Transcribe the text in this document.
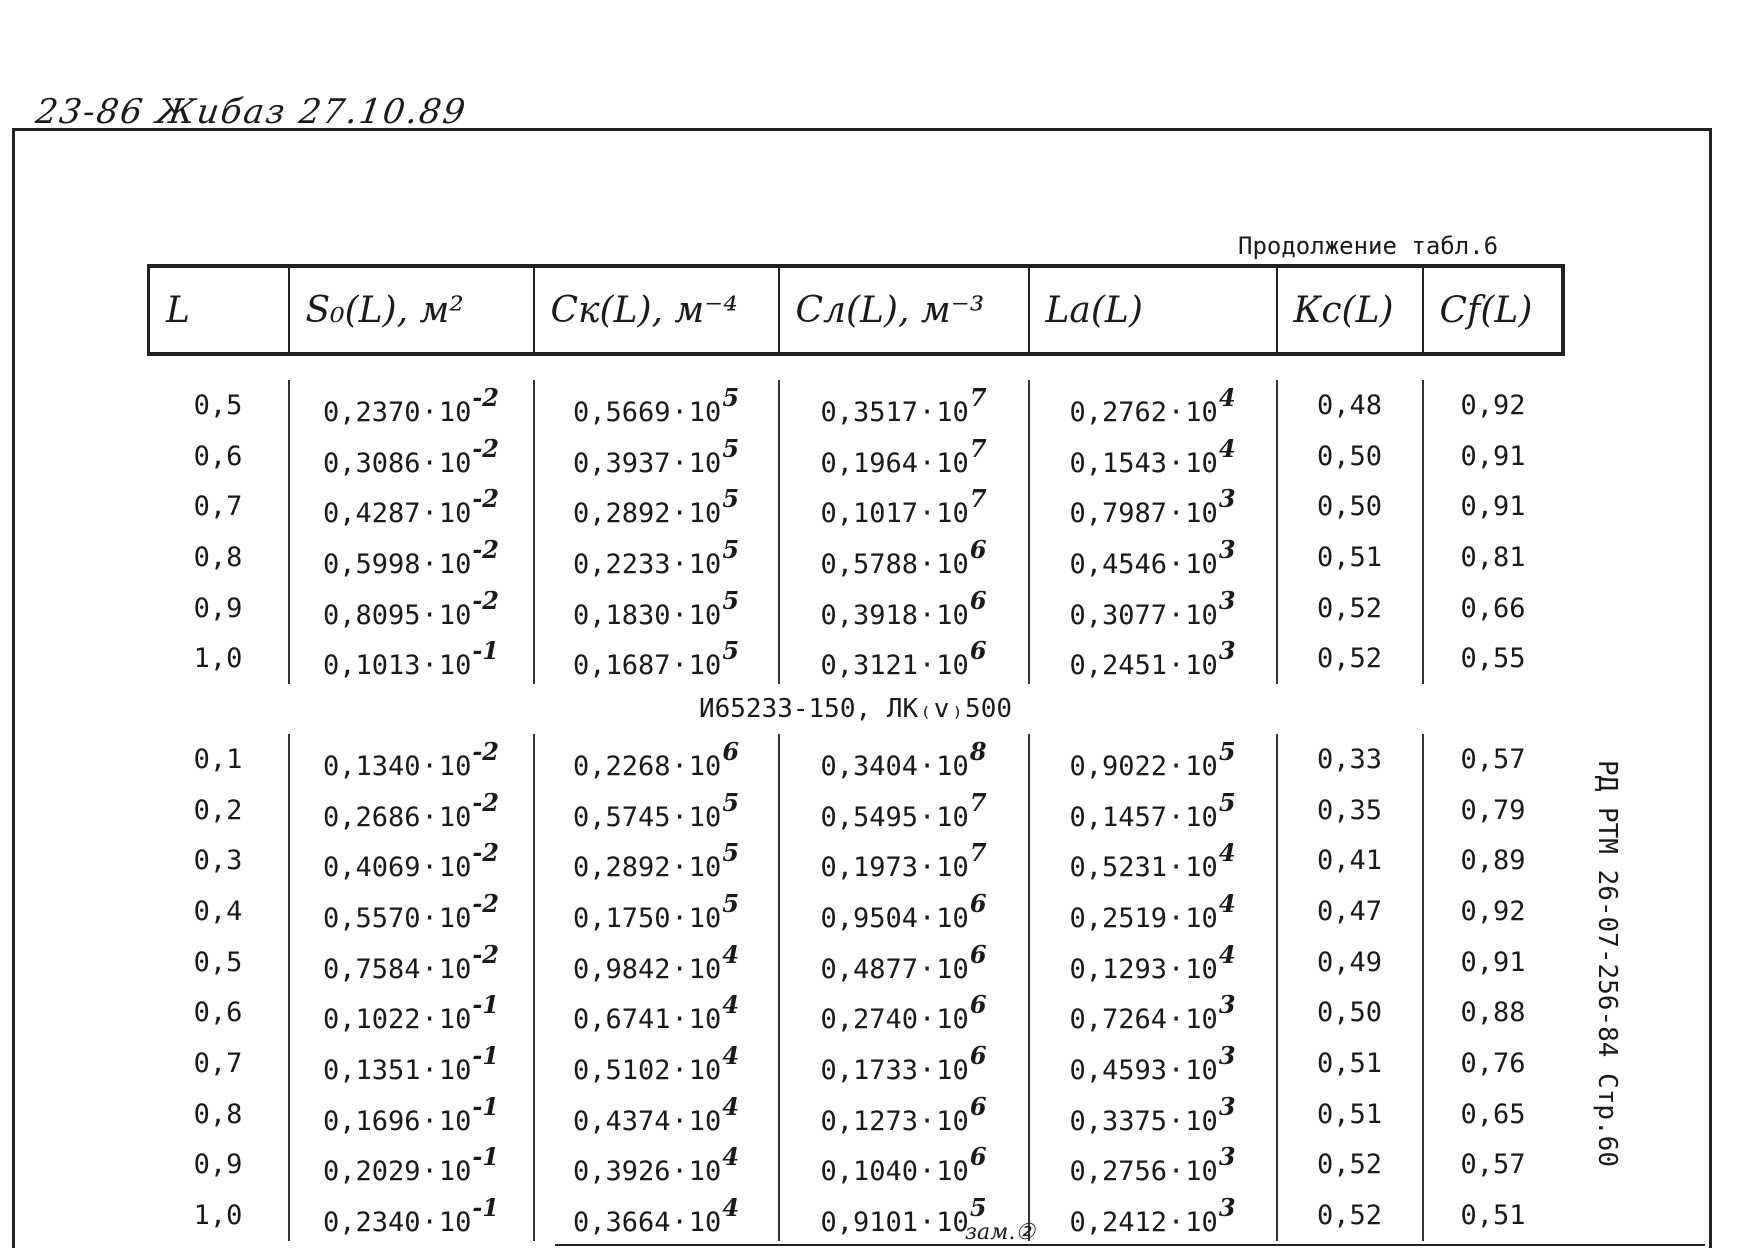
23-86 Жибаз 27.10.89
Продолжение табл.6
L	S₀(L), м²	Cк(L), м⁻⁴	Cл(L), м⁻³	Lа(L)	Кс(L)	Сf(L)

0,5	$0,2370\cdot 10^{-2}$	$0,5669\cdot 10^5$	$0,3517\cdot 10^7$	$0,2762\cdot 10^4$	0,48	0,92
0,6	$0,3086\cdot 10^{-2}$	$0,3937\cdot 10^5$	$0,1964\cdot 10^7$	$0,1543\cdot 10^4$	0,50	0,91
0,7	$0,4287\cdot 10^{-2}$	$0,2892\cdot 10^5$	$0,1017\cdot 10^7$	$0,7987\cdot 10^3$	0,50	0,91
0,8	$0,5998\cdot 10^{-2}$	$0,2233\cdot 10^5$	$0,5788\cdot 10^6$	$0,4546\cdot 10^3$	0,51	0,81
0,9	$0,8095\cdot 10^{-2}$	$0,1830\cdot 10^5$	$0,3918\cdot 10^6$	$0,3077\cdot 10^3$	0,52	0,66
1,0	$0,1013\cdot 10^{-1}$	$0,1687\cdot 10^5$	$0,3121\cdot 10^6$	$0,2451\cdot 10^3$	0,52	0,55
И65233-150, ЛК₍v₎500						
0,1	$0,1340\cdot 10^{-2}$	$0,2268\cdot 10^6$	$0,3404\cdot 10^8$	$0,9022\cdot 10^5$	0,33	0,57
0,2	$0,2686\cdot 10^{-2}$	$0,5745\cdot 10^5$	$0,5495\cdot 10^7$	$0,1457\cdot 10^5$	0,35	0,79
0,3	$0,4069\cdot 10^{-2}$	$0,2892\cdot 10^5$	$0,1973\cdot 10^7$	$0,5231\cdot 10^4$	0,41	0,89
0,4	$0,5570\cdot 10^{-2}$	$0,1750\cdot 10^5$	$0,9504\cdot 10^6$	$0,2519\cdot 10^4$	0,47	0,92
0,5	$0,7584\cdot 10^{-2}$	$0,9842\cdot 10^4$	$0,4877\cdot 10^6$	$0,1293\cdot 10^4$	0,49	0,91
0,6	$0,1022\cdot 10^{-1}$	$0,6741\cdot 10^4$	$0,2740\cdot 10^6$	$0,7264\cdot 10^3$	0,50	0,88
0,7	$0,1351\cdot 10^{-1}$	$0,5102\cdot 10^4$	$0,1733\cdot 10^6$	$0,4593\cdot 10^3$	0,51	0,76
0,8	$0,1696\cdot 10^{-1}$	$0,4374\cdot 10^4$	$0,1273\cdot 10^6$	$0,3375\cdot 10^3$	0,51	0,65
0,9	$0,2029\cdot 10^{-1}$	$0,3926\cdot 10^4$	$0,1040\cdot 10^6$	$0,2756\cdot 10^3$	0,52	0,57
1,0	$0,2340\cdot 10^{-1}$	$0,3664\cdot 10^4$	$0,9101\cdot 10^5$	$0,2412\cdot 10^3$	0,52	0,51
РД РТМ 26-07-256-84 Стр.60
зам.②
